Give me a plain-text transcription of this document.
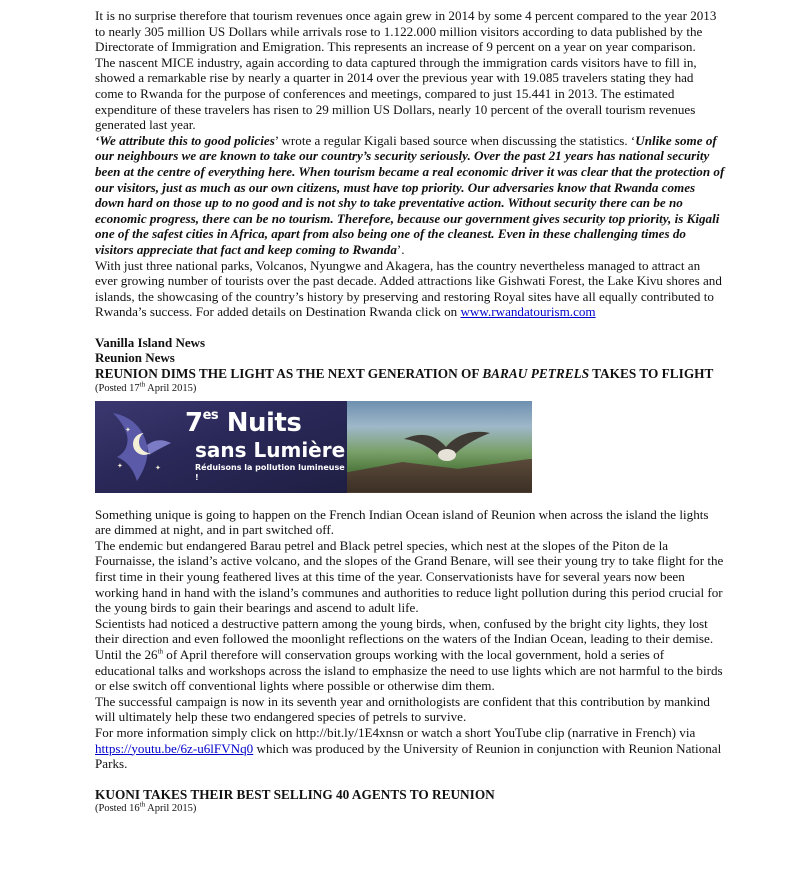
It is no surprise therefore that tourism revenues once again grew in 2014 by some 4 percent compared to the year 2013 to nearly 305 million US Dollars while arrivals rose to 1.122.000 million visitors according to data published by the Directorate of Immigration and Emigration. This represents an increase of 9 percent on a year on year comparison.

The nascent MICE industry, again according to data captured through the immigration cards visitors have to fill in, showed a remarkable rise by nearly a quarter in 2014 over the previous year with 19.085 travelers stating they had come to Rwanda for the purpose of conferences and meetings, compared to just 15.441 in 2013. The estimated expenditure of these travelers has risen to 29 million US Dollars, nearly 10 percent of the overall tourism revenues generated last year.

‘We attribute this to good policies’ wrote a regular Kigali based source when discussing the statistics. ‘Unlike some of our neighbours we are known to take our country’s security seriously. Over the past 21 years has national security been at the centre of everything here. When tourism became a real economic driver it was clear that the protection of our visitors, just as much as our own citizens, must have top priority. Our adversaries know that Rwanda comes down hard on those up to no good and is not shy to take preventative action. Without security there can be no economic progress, there can be no tourism. Therefore, because our government gives security top priority, is Kigali one of the safest cities in Africa, apart from also being one of the cleanest. Even in these challenging times do visitors appreciate that fact and keep coming to Rwanda’.

With just three national parks, Volcanos, Nyungwe and Akagera, has the country nevertheless managed to attract an ever growing number of tourists over the past decade. Added attractions like Gishwati Forest, the Lake Kivu shores and islands, the showcasing of the country’s history by preserving and restoring Royal sites have all equally contributed to Rwanda’s success. For added details on Destination Rwanda click on www.rwandatourism.com

Vanilla Island News
Reunion News
REUNION DIMS THE LIGHT AS THE NEXT GENERATION OF BARAU PETRELS TAKES TO FLIGHT
(Posted 17th April 2015)
✦
✦
✦
$7^{es}$ Nuits
sans Lumière
Réduisons la pollution lumineuse !

Something unique is going to happen on the French Indian Ocean island of Reunion when across the island the lights are dimmed at night, and in part switched off.

The endemic but endangered Barau petrel and Black petrel species, which nest at the slopes of the Piton de la Fournaisse, the island’s active volcano, and the slopes of the Grand Benare, will see their young try to take flight for the first time in their young feathered lives at this time of the year. Conservationists have for several years now been working hand in hand with the island’s communes and authorities to reduce light pollution during this period crucial for the young birds to gain their bearings and ascend to adult life.

Scientists had noticed a destructive pattern among the young birds, when, confused by the bright city lights, they lost their direction and even followed the moonlight reflections on the waters of the Indian Ocean, leading to their demise.

Until the 26th of April therefore will conservation groups working with the local government, hold a series of educational talks and workshops across the island to emphasize the need to use lights which are not harmful to the birds or else switch off conventional lights where possible or otherwise dim them.

The successful campaign is now in its seventh year and ornithologists are confident that this contribution by mankind will ultimately help these two endangered species of petrels to survive.

For more information simply click on http://bit.ly/1E4xnsn or watch a short YouTube clip (narrative in French) via https://youtu.be/6z-u6lFVNq0 which was produced by the University of Reunion in conjunction with Reunion National Parks.

KUONI TAKES THEIR BEST SELLING 40 AGENTS TO REUNION
(Posted 16th April 2015)
